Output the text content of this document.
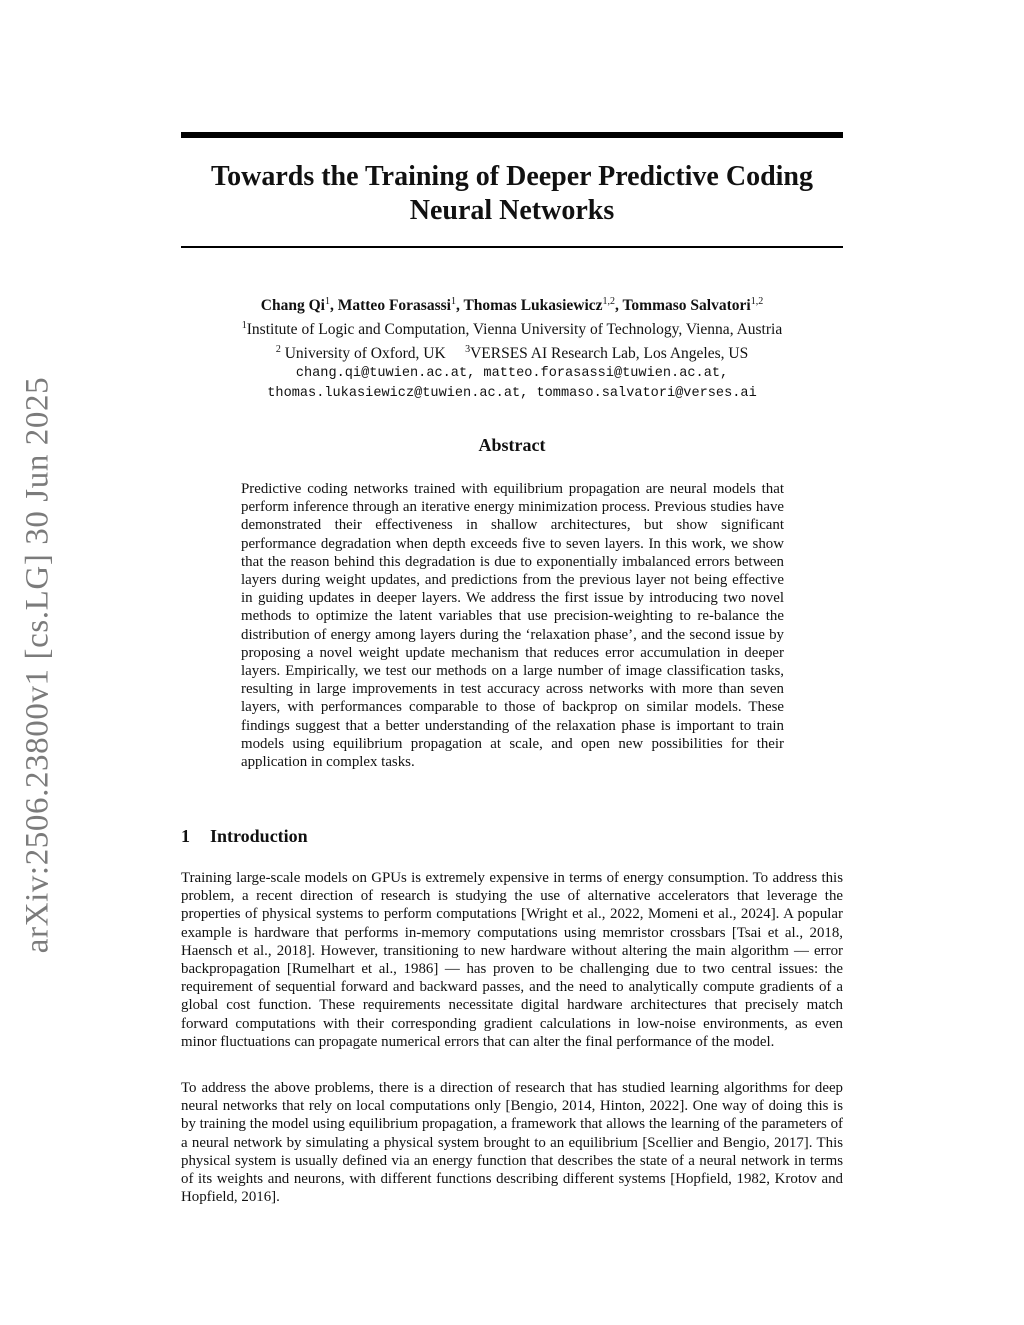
arXiv:2506.23800v1 [cs.LG] 30 Jun 2025
Towards the Training of Deeper Predictive Coding Neural Networks
Chang Qi$^1$, Matteo Forasassi$^1$, Thomas Lukasiewicz$^{1,2}$, Tommaso Salvatori$^{1,2}$
$^1$Institute of Logic and Computation, Vienna University of Technology, Vienna, Austria
$^2$ University of Oxford, UK $^3$VERSES AI Research Lab, Los Angeles, US
chang.qi@tuwien.ac.at, matteo.forasassi@tuwien.ac.at,
thomas.lukasiewicz@tuwien.ac.at, tommaso.salvatori@verses.ai
Abstract

Predictive coding networks trained with equilibrium propagation are neural models that perform inference through an iterative energy minimization process. Previous studies have demonstrated their effectiveness in shallow architectures, but show significant performance degradation when depth exceeds five to seven layers. In this work, we show that the reason behind this degradation is due to exponentially imbalanced errors between layers during weight updates, and predictions from the previous layer not being effective in guiding updates in deeper layers. We address the first issue by introducing two novel methods to optimize the latent variables that use precision-weighting to re-balance the distribution of energy among layers during the ‘relaxation phase’, and the second issue by proposing a novel weight update mechanism that reduces error accumulation in deeper layers. Empirically, we test our methods on a large number of image classification tasks, resulting in large improvements in test accuracy across networks with more than seven layers, with performances comparable to those of backprop on similar models. These findings suggest that a better understanding of the relaxation phase is important to train models using equilibrium propagation at scale, and open new possibilities for their application in complex tasks.

1 Introduction

Training large-scale models on GPUs is extremely expensive in terms of energy consumption. To address this problem, a recent direction of research is studying the use of alternative accelerators that leverage the properties of physical systems to perform computations [Wright et al., 2022, Momeni et al., 2024]. A popular example is hardware that performs in-memory computations using memristor crossbars [Tsai et al., 2018, Haensch et al., 2018]. However, transitioning to new hardware without altering the main algorithm — error backpropagation [Rumelhart et al., 1986] — has proven to be challenging due to two central issues: the requirement of sequential forward and backward passes, and the need to analytically compute gradients of a global cost function. These requirements necessitate digital hardware architectures that precisely match forward computations with their corresponding gradient calculations in low-noise environments, as even minor fluctuations can propagate numerical errors that can alter the final performance of the model.

To address the above problems, there is a direction of research that has studied learning algorithms for deep neural networks that rely on local computations only [Bengio, 2014, Hinton, 2022]. One way of doing this is by training the model using equilibrium propagation, a framework that allows the learning of the parameters of a neural network by simulating a physical system brought to an equilibrium [Scellier and Bengio, 2017]. This physical system is usually defined via an energy function that describes the state of a neural network in terms of its weights and neurons, with different functions describing different systems [Hopfield, 1982, Krotov and Hopfield, 2016].
